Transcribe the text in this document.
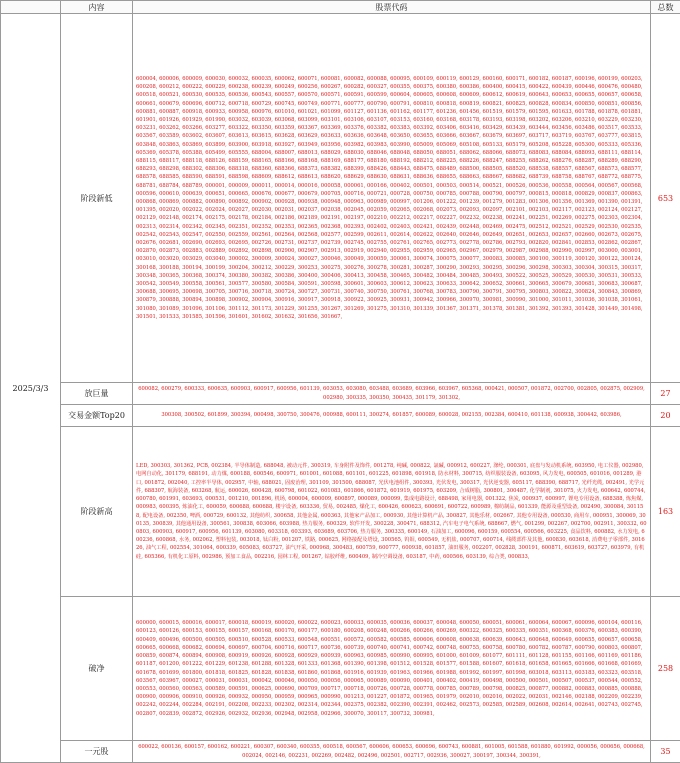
	内容	股票代码	总数
2025/3/3	阶段新低	600004, 600006, 600009, 600030, 600032, 600035, 600062, 600071, 600081, 600082, 600088, 600095, 600109, 600119, 600129, 600160, 600171, 600182, 600187, 600196, 600199, 600203, 600208, 600212, 600222, 600229, 600238, 600239, 600249, 600256, 600267, 600282, 600327, 600355, 600375, 600380, 600386, 600400, 600415, 600422, 600439, 600446, 600476, 600480, 600518, 600521, 600530, 600535, 600536, 600543, 600557, 600570, 600571, 600591, 600599, 600604, 600605, 600608, 600609, 600612, 600619, 600643, 600653, 600655, 600657, 600658, 600661, 600679, 600696, 600712, 600718, 600729, 600745, 600749, 600771, 600777, 600790, 600791, 600810, 600818, 600819, 600821, 600825, 600828, 600834, 600850, 600851, 600856, 600881, 600887, 600918, 600933, 600958, 600976, 601010, 601021, 601099, 601127, 601136, 601162, 601177, 601236, 601456, 601519, 601579, 601595, 601633, 601788, 601878, 601881, 601901, 601926, 601929, 601990, 603032, 603039, 603068, 603099, 603101, 603106, 603107, 603153, 603160, 603168, 603178, 603193, 603198, 603202, 603206, 603210, 603229, 603230, 603231, 603262, 603266, 603277, 603322, 603350, 603359, 603367, 603369, 603376, 603382, 603383, 603392, 603406, 603416, 603429, 603439, 603444, 603456, 603486, 603517, 603533, 603567, 603589, 603602, 603607, 603613, 603615, 603628, 603629, 603633, 603636, 603648, 603650, 603655, 603666, 603667, 603679, 603697, 603717, 603719, 603767, 603777, 603815, 603848, 603863, 603869, 603899, 603900, 603918, 603927, 603949, 603956, 603982, 603983, 603990, 605009, 605069, 605108, 605133, 605179, 605208, 605228, 605300, 605333, 605336, 605369, 605378, 605388, 605499, 605555, 688004, 688007, 688013, 688029, 688030, 688046, 688048, 688050, 688051, 688062, 688066, 688073, 688083, 688084, 688093, 688111, 688114, 688115, 688117, 688118, 688126, 688159, 688165, 688166, 688168, 688169, 688177, 688180, 688192, 688212, 688225, 688226, 688247, 688255, 688262, 688276, 688287, 688289, 688290, 688293, 688298, 688302, 688306, 688318, 688360, 688366, 688373, 688382, 688399, 688426, 688443, 688475, 688489, 688500, 688505, 688520, 688538, 688557, 688567, 688573, 688577, 688578, 688585, 688590, 688591, 688598, 688609, 688612, 688613, 688620, 688629, 688630, 688631, 688636, 688655, 688663, 688667, 688682, 688739, 688758, 688767, 688772, 688775, 688781, 688784, 688789, 000001, 000009, 000011, 000014, 000016, 000058, 000061, 000166, 000402, 000501, 000503, 000514, 000521, 000526, 000536, 000558, 000564, 000567, 000568, 000596, 000610, 000639, 000651, 000665, 000676, 000677, 000679, 000705, 000716, 000721, 000728, 000750, 000785, 000788, 000790, 000797, 000815, 000818, 000829, 000837, 000863, 000868, 000869, 000882, 000890, 000892, 000902, 000928, 000938, 000948, 000963, 000989, 000997, 001206, 001222, 001239, 001279, 001283, 001306, 001356, 001369, 001390, 001391, 001395, 002020, 002022, 002024, 002027, 002030, 002031, 002037, 002038, 002045, 002059, 002065, 002068, 002073, 002093, 002097, 002101, 002103, 002117, 002123, 002124, 002127, 002129, 002148, 002174, 002175, 002178, 002184, 002186, 002189, 002191, 002197, 002210, 002212, 002217, 002227, 002232, 002238, 002241, 002251, 002269, 002275, 002303, 002304, 002313, 002314, 002342, 002345, 002351, 002352, 002353, 002365, 002368, 002393, 002402, 002403, 002421, 002439, 002448, 002469, 002475, 002512, 002521, 002529, 002530, 002535, 002542, 002543, 002547, 002550, 002559, 002561, 002564, 002568, 002577, 002599, 002611, 002614, 002622, 002640, 002646, 002649, 002651, 002653, 002657, 002660, 002673, 002675, 002676, 002681, 002690, 002693, 002695, 002726, 002731, 002737, 002739, 002745, 002755, 002761, 002765, 002773, 002778, 002786, 002793, 002820, 002841, 002853, 002862, 002867, 002870, 002873, 002883, 002889, 002892, 002898, 002900, 002907, 002913, 002919, 002940, 002955, 002959, 002965, 002967, 002979, 002987, 002988, 002990, 002997, 003000, 003001, 003010, 003020, 003029, 003040, 300002, 300009, 300024, 300027, 300046, 300049, 300059, 300061, 300074, 300075, 300077, 300083, 300085, 300100, 300119, 300120, 300122, 300124, 300168, 300188, 300194, 300199, 300204, 300212, 300229, 300253, 300275, 300276, 300278, 300281, 300287, 300290, 300293, 300295, 300296, 300298, 300303, 300304, 300315, 300317, 300348, 300365, 300368, 300374, 300380, 300382, 300386, 300400, 300406, 300413, 300458, 300465, 300482, 300484, 300485, 300493, 300522, 300525, 300529, 300530, 300531, 300533, 300542, 300549, 300558, 300561, 300577, 300580, 300584, 300591, 300598, 300601, 300603, 300612, 300623, 300633, 300642, 300652, 300661, 300665, 300679, 300681, 300683, 300687, 300688, 300695, 300698, 300705, 300716, 300718, 300724, 300727, 300731, 300740, 300750, 300761, 300768, 300783, 300790, 300791, 300795, 300803, 300822, 300824, 300843, 300869, 300879, 300888, 300894, 300898, 300902, 300904, 300916, 300917, 300918, 300922, 300925, 300931, 300942, 300966, 300970, 300981, 300990, 301000, 301011, 301036, 301038, 301061, 301080, 301089, 301096, 301106, 301112, 301173, 301229, 301255, 301267, 301269, 301275, 301310, 301339, 301367, 301371, 301378, 301381, 301392, 301393, 301428, 301449, 301498, 301501, 301533, 301585, 301596, 301601, 301602, 301632, 301656, 301667,	653
	放巨量	600082, 600279, 600333, 600635, 600903, 600917, 600956, 601139, 603053, 603080, 603488, 603689, 603966, 603967, 605368, 000421, 000507, 001872, 002700, 002805, 002875, 002909, 002980, 300335, 300350, 300435, 301179, 301302,	27
	交易金额Top20	300308, 300502, 601899, 300394, 000498, 300750, 300476, 000988, 600111, 300274, 601857, 600089, 600028, 002155, 002384, 600410, 601138, 600938, 300442, 603986,	20
	阶段新高	LED, 300303, 301362, PCB, 002384, 半导体制造, 688048, 被动元件, 300319, 车身附件及饰件, 001278, 纯碱, 000822, 氯碱, 000912, 600227, 涤纶, 000301, 底盘与发动机系统, 603950, 电工仪器, 002980, 电网自动化, 301179, 688191, 动力煤, 600188, 600546, 600971, 601001, 601088, 601101, 601225, 601898, 601918, 防水材料, 300715, 纺织服装设备, 603095, 风力发电, 600505, 601016, 001289, 港口, 001872, 002040, 工控率半导体, 002957, 中轴, 688021, 固废治理, 301109, 301500, 688087, 光伏电池组件, 300393, 光伏发电, 300317, 光伏逆变器, 605117, 688390, 688717, 光纤光缆, 002491, 光学元件, 688307, 航海装备, 603268, 航运, 600026, 600428, 600798, 601022, 601083, 601866, 601872, 601919, 601975, 603209, 合成树脂, 300801, 300487, 化学制剂, 301075, 火力发电, 600642, 600744, 600780, 601991, 603693, 000531, 001210, 001896, 机场, 600004, 600009, 600897, 000089, 000099, 集成电路设计, 688498, 家用电器, 001322, 焦炭, 000937, 600997, 锂电专用设备, 688388, 炼焦煤, 000983, 600395, 炼油化工, 600059, 600688, 600688, 楼宇设备, 603336, 贸易, 002485, 煤化工, 600426, 600623, 600691, 600722, 600989, 棉纺制品, 601339, 能源及重型设备, 002490, 300084, 301158, 配电设备, 002350, 啤酒, 000729, 600132, 其他纺织, 300658, 其他金属, 600363, 其他家产品加工, 000930, 其他计算机产品, 300827, 其他乐材, 002667, 其他专用设备, 000530, 商用车, 000951, 300069, 300135, 300839, 其他通用设备, 300561, 300838, 603066, 603988, 热力服务, 600329, 软件开发, 300228, 300471, 688312, 汽车电子电气系统, 688667, 燃气, 001299, 002267, 002700, 002911, 300332, 600803, 600903, 600917, 600956, 601139, 603080, 603318, 603393, 603689, 603706, 热力服务, 300335, 600149, 石油加工, 600096, 600159, 600554, 600566, 603225, 食品饮料, 600882, 水力发电, 600236, 600868, 水务, 002062, 塑料包装, 003018, 钛白粉, 001207, 铁路, 000625, 网络接配及塔设, 300565, 钨钼, 600549, 无机盐, 000707, 600714, 线缆部件及其他, 600830, 603618, 消费电子零部件, 301626, 油气工程, 002554, 301064, 600339, 605083, 603727, 油气开采, 000968, 300483, 600759, 600777, 600938, 601857, 油田服务, 002207, 002828, 300191, 600871, 603619, 603727, 603979, 有机硅, 605366, 有机化工原料, 002986, 预加工食品, 002216, 园林工程, 001267, 钻胶纤维, 600409, 制冷空调设备, 603187, 中药, 600566, 603139, 综合类, 000833,	163
	破净	600000, 600015, 600016, 600017, 600018, 600019, 600020, 600022, 600023, 600033, 600035, 600036, 600037, 600048, 600050, 600051, 600061, 600064, 600067, 600096, 600104, 600116, 600123, 600126, 600153, 600155, 600157, 600168, 600170, 600177, 600180, 600208, 600248, 600266, 600266, 600269, 600322, 600325, 600335, 600351, 600368, 600376, 600383, 600390, 600409, 600496, 600500, 600505, 600510, 600528, 600533, 600548, 600551, 600572, 600582, 600585, 600606, 600608, 600638, 600639, 600643, 600648, 600649, 600655, 600657, 600658, 600665, 600668, 600682, 600694, 600697, 600704, 600716, 600717, 600736, 600739, 600740, 600741, 600742, 600748, 600755, 600758, 600780, 600782, 600787, 600790, 600803, 600807, 600859, 600874, 600894, 600908, 600919, 600926, 600928, 600929, 600939, 600963, 600985, 600990, 600995, 601000, 601009, 601077, 601111, 601128, 601155, 601166, 601169, 601186, 601187, 601200, 601222, 601229, 601238, 601288, 601328, 601333, 601368, 601390, 601398, 601512, 601528, 601577, 601588, 601607, 601618, 601658, 601665, 601666, 601668, 601669, 601678, 601699, 601800, 601818, 601825, 601828, 601838, 601860, 601868, 601916, 601939, 601963, 601966, 601988, 601992, 601997, 601998, 603018, 603113, 603183, 603323, 603518, 603567, 603967, 000027, 000031, 000031, 000042, 000046, 000050, 000056, 000065, 000089, 000090, 000401, 000402, 000419, 000498, 000500, 000501, 000507, 000537, 000544, 000552, 000553, 000560, 000563, 000589, 000591, 000625, 000690, 000709, 000717, 000718, 000726, 000728, 000778, 000785, 000789, 000798, 000825, 000877, 000882, 000883, 000885, 000888, 000900, 000906, 000910, 000926, 000932, 000950, 000959, 000965, 000990, 001213, 001227, 001872, 001965, 001979, 002010, 002016, 002022, 002031, 002146, 002188, 002209, 002239, 002242, 002244, 002284, 002191, 002208, 002233, 002302, 002314, 002344, 002375, 002382, 002390, 002391, 002462, 002573, 002585, 002589, 002608, 002614, 002641, 002743, 002745, 002807, 002839, 002872, 002926, 002932, 002936, 002948, 002958, 002966, 300070, 300117, 300732, 300981,	258
	一元股	600022, 600136, 600157, 600162, 600221, 600307, 600340, 600355, 600518, 600567, 600606, 600653, 600696, 600743, 600881, 601005, 601588, 601880, 601992, 000056, 000656, 000668, 002024, 002146, 002231, 002269, 002482, 002496, 002501, 002717, 002936, 300027, 300197, 300344, 300391,	35
